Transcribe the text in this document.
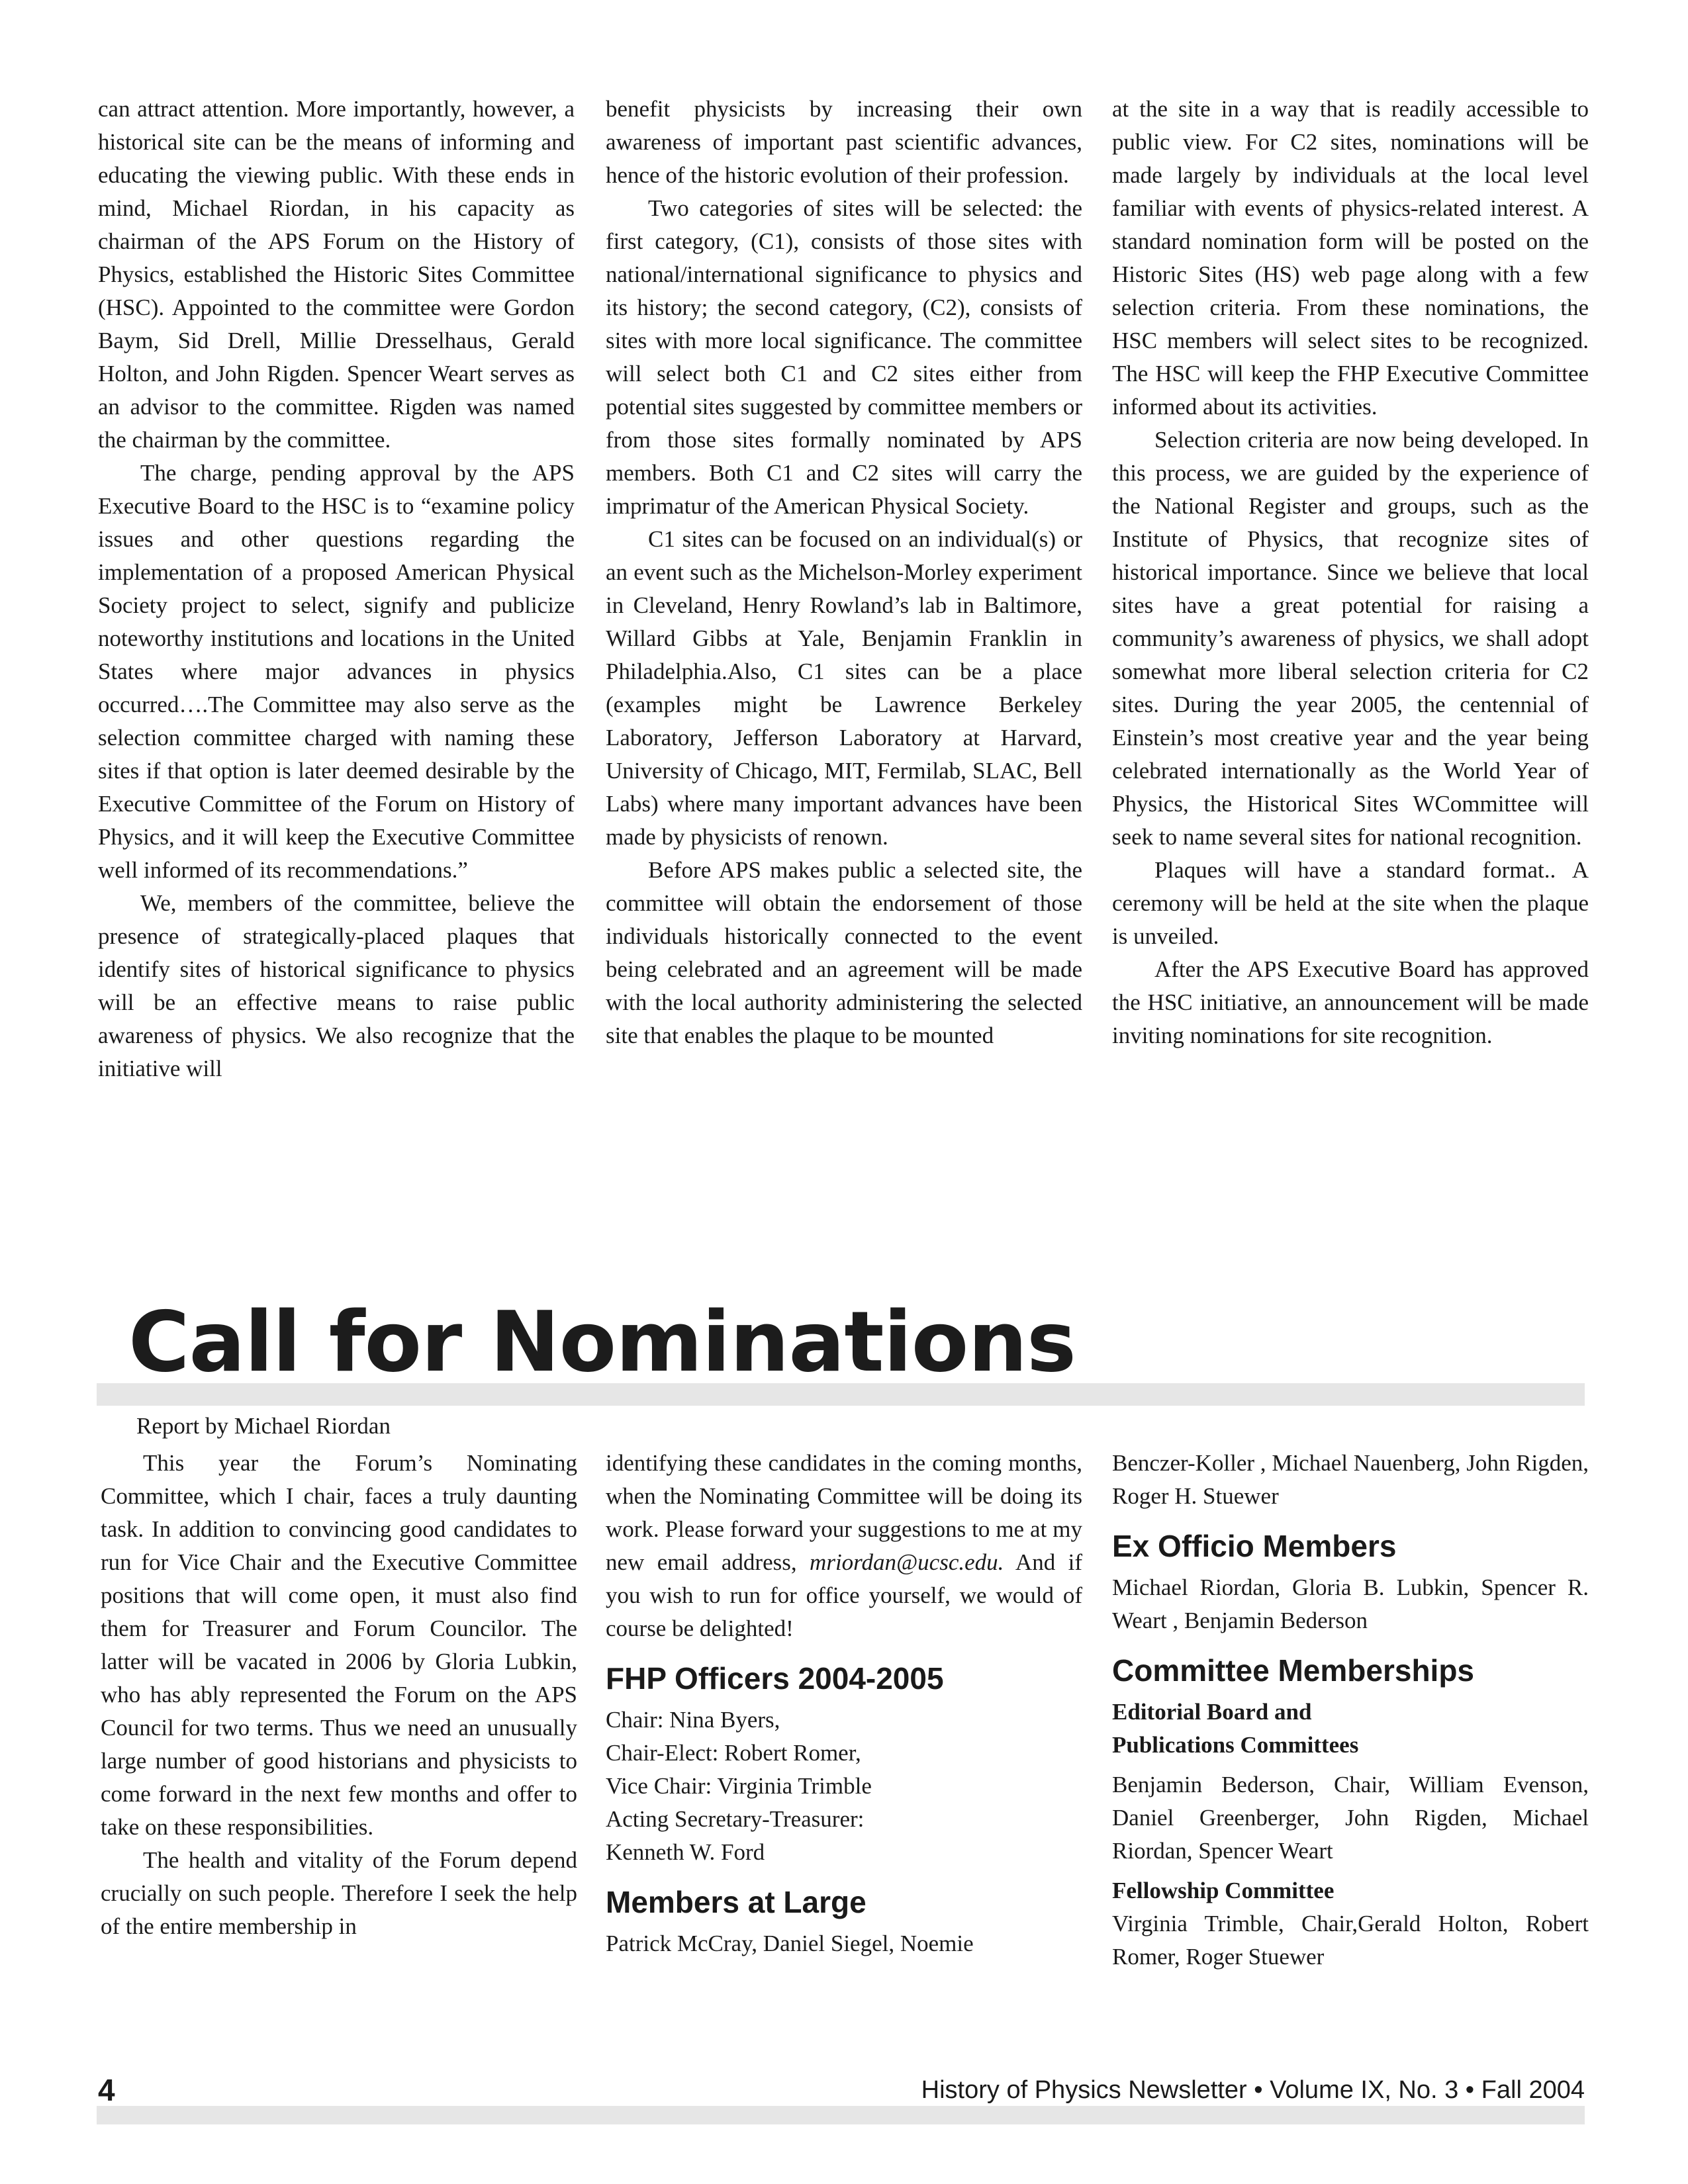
can attract attention. More importantly, however, a historical site can be the means of informing and educating the viewing public. With these ends in mind, Michael Riordan, in his capacity as chairman of the APS Forum on the History of Physics, established the Historic Sites Committee (HSC). Appointed to the committee were Gordon Baym, Sid Drell, Millie Dresselhaus, Gerald Holton, and John Rigden. Spencer Weart serves as an advisor to the committee. Rigden was named the chairman by the committee.

The charge, pending approval by the APS Executive Board to the HSC is to “examine policy issues and other questions regarding the implementation of a proposed American Physical Society project to select, signify and publicize noteworthy institutions and locations in the United States where major advances in physics occurred….The Committee may also serve as the selection committee charged with naming these sites if that option is later deemed desirable by the Executive Committee of the Forum on History of Physics, and it will keep the Executive Committee well informed of its recommendations.”

We, members of the committee, believe the presence of strategically-placed plaques that identify sites of historical significance to physics will be an effective means to raise public awareness of physics. We also recognize that the initiative will

benefit physicists by increasing their own awareness of important past scientific advances, hence of the historic evolution of their profession.

Two categories of sites will be selected: the first category, (C1), consists of those sites with national/international significance to physics and its history; the second category, (C2), consists of sites with more local significance. The committee will select both C1 and C2 sites either from potential sites suggested by committee members or from those sites formally nominated by APS members. Both C1 and C2 sites will carry the imprimatur of the American Physical Society.

C1 sites can be focused on an individual(s) or an event such as the Michelson-Morley experiment in Cleveland, Henry Rowland’s lab in Baltimore, Willard Gibbs at Yale, Benjamin Franklin in Philadelphia.Also, C1 sites can be a place (examples might be Lawrence Berkeley Laboratory, Jefferson Laboratory at Harvard, University of Chicago, MIT, Fermilab, SLAC, Bell Labs) where many important advances have been made by physicists of renown.

Before APS makes public a selected site, the committee will obtain the endorsement of those individuals historically connected to the event being celebrated and an agreement will be made with the local authority administering the selected site that enables the plaque to be mounted

at the site in a way that is readily accessible to public view. For C2 sites, nominations will be made largely by individuals at the local level familiar with events of physics-related interest. A standard nomination form will be posted on the Historic Sites (HS) web page along with a few selection criteria. From these nominations, the HSC members will select sites to be recognized. The HSC will keep the FHP Executive Committee informed about its activities.

Selection criteria are now being developed. In this process, we are guided by the experience of the National Register and groups, such as the Institute of Physics, that recognize sites of historical importance. Since we believe that local sites have a great potential for raising a community’s awareness of physics, we shall adopt somewhat more liberal selection criteria for C2 sites. During the year 2005, the centennial of Einstein’s most creative year and the year being celebrated internationally as the World Year of Physics, the Historical Sites WCommittee will seek to name several sites for national recognition.

Plaques will have a standard format.. A ceremony will be held at the site when the plaque is unveiled.

After the APS Executive Board has approved the HSC initiative, an announcement will be made inviting nominations for site recognition.

Call for Nominations
Report by Michael Riordan

This year the Forum’s Nominating Committee, which I chair, faces a truly daunting task. In addition to convincing good candidates to run for Vice Chair and the Executive Committee positions that will come open, it must also find them for Treasurer and Forum Councilor. The latter will be vacated in 2006 by Gloria Lubkin, who has ably represented the Forum on the APS Council for two terms. Thus we need an unusually large number of good historians and physicists to come forward in the next few months and offer to take on these responsibilities.

The health and vitality of the Forum depend crucially on such people. Therefore I seek the help of the entire membership in

identifying these candidates in the coming months, when the Nominating Committee will be doing its work. Please forward your suggestions to me at my new email address, mriordan@ucsc.edu. And if you wish to run for office yourself, we would of course be delighted!

FHP Officers 2004-2005
Chair: Nina Byers,
Chair-Elect: Robert Romer,
Vice Chair: Virginia Trimble
Acting Secretary-Treasurer:
Kenneth W. Ford
Members at Large
Patrick McCray, Daniel Siegel, Noemie
Benczer-Koller , Michael Nauenberg, John Rigden, Roger H. Stuewer
Ex Officio Members
Michael Riordan, Gloria B. Lubkin, Spencer R. Weart , Benjamin Bederson
Committee Memberships
Editorial Board and
Publications Committees
Benjamin Bederson, Chair, William Evenson, Daniel Greenberger, John Rigden, Michael Riordan, Spencer Weart
Fellowship Committee
Virginia Trimble, Chair,Gerald Holton, Robert Romer, Roger Stuewer
4	History of Physics Newsletter • Volume IX, No. 3 • Fall 2004
